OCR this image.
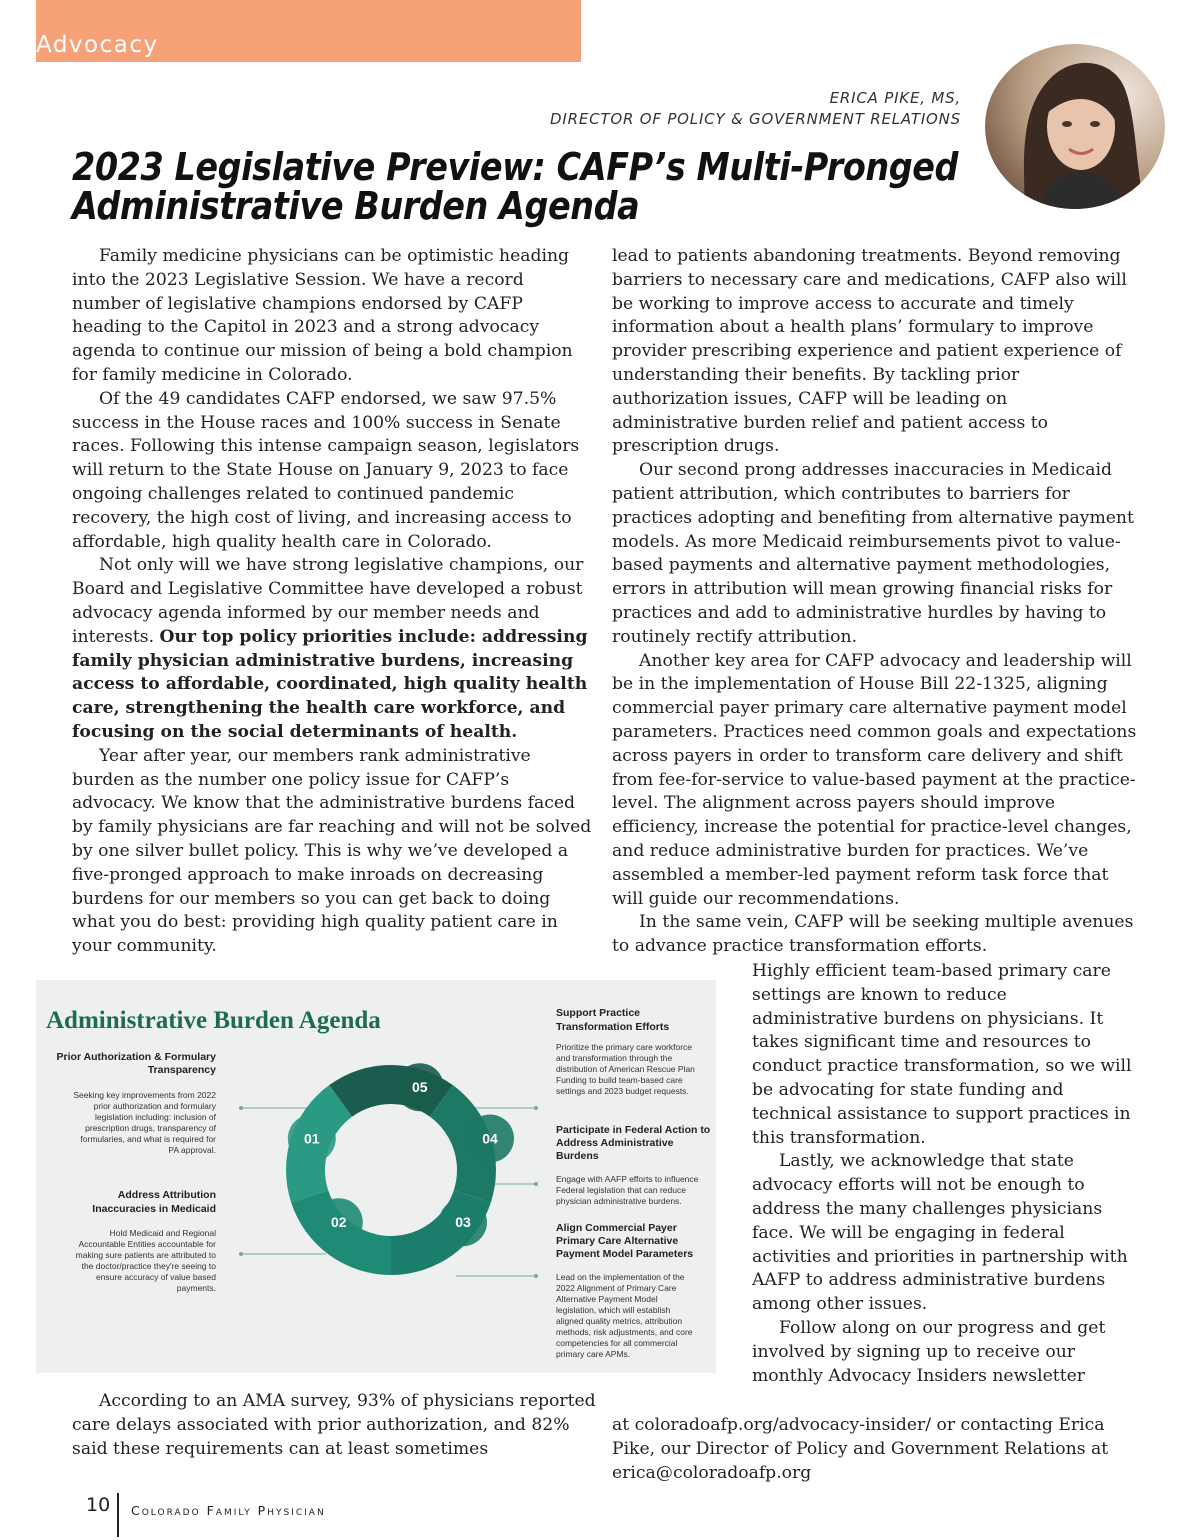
Advocacy
ERICA PIKE, MS,
DIRECTOR OF POLICY & GOVERNMENT RELATIONS
2023 Legislative Preview: CAFP’s Multi-Pronged
Administrative Burden Agenda

Family medicine physicians can be optimistic heading into the 2023 Legislative Session. We have a record number of legislative champions endorsed by CAFP heading to the Capitol in 2023 and a strong advocacy agenda to continue our mission of being a bold champion for family medicine in Colorado.

Of the 49 candidates CAFP endorsed, we saw 97.5% success in the House races and 100% success in Senate races. Following this intense campaign season, legislators will return to the State House on January 9, 2023 to face ongoing challenges related to continued pandemic recovery, the high cost of living, and increasing access to affordable, high quality health care in Colorado.

Not only will we have strong legislative champions, our Board and Legislative Committee have developed a robust advocacy agenda informed by our member needs and interests. Our top policy priorities include: addressing family physician administrative burdens, increasing access to affordable, coordinated, high quality health care, strengthening the health care workforce, and focusing on the social determinants of health.

Year after year, our members rank administrative burden as the number one policy issue for CAFP’s advocacy. We know that the administrative burdens faced by family physicians are far reaching and will not be solved by one silver bullet policy. This is why we’ve developed a five-pronged approach to make inroads on decreasing burdens for our members so you can get back to doing what you do best: providing high quality patient care in your community.

lead to patients abandoning treatments. Beyond removing barriers to necessary care and medications, CAFP also will be working to improve access to accurate and timely information about a health plans’ formulary to improve provider prescribing experience and patient experience of understanding their benefits. By tackling prior authorization issues, CAFP will be leading on administrative burden relief and patient access to prescription drugs.

Our second prong addresses inaccuracies in Medicaid patient attribution, which contributes to barriers for practices adopting and benefiting from alternative payment models. As more Medicaid reimbursements pivot to value-based payments and alternative payment methodologies, errors in attribution will mean growing financial risks for practices and add to administrative hurdles by having to routinely rectify attribution.

Another key area for CAFP advocacy and leadership will be in the implementation of House Bill 22-1325, aligning commercial payer primary care alternative payment model parameters. Practices need common goals and expectations across payers in order to transform care delivery and shift from fee-for-service to value-based payment at the practice-level. The alignment across payers should improve efficiency, increase the potential for practice-level changes, and reduce administrative burden for practices. We’ve assembled a member-led payment reform task force that will guide our recommendations.

In the same vein, CAFP will be seeking multiple avenues to advance practice transformation efforts.

Highly efficient team-based primary care settings are known to reduce administrative burdens on physicians. It takes significant time and resources to conduct practice transformation, so we will be advocating for state funding and technical assistance to support practices in this transformation.

Lastly, we acknowledge that state advocacy efforts will not be enough to address the many challenges physicians face. We will be engaging in federal activities and priorities in partnership with AAFP to address administrative burdens among other issues.

Follow along on our progress and get involved by signing up to receive our monthly Advocacy Insiders newsletter

at coloradoafp.org/advocacy-insider/ or contacting Erica Pike, our Director of Policy and Government Relations at erica@coloradoafp.org

According to an AMA survey, 93% of physicians reported care delays associated with prior authorization, and 82% said these requirements can at least sometimes

Administrative Burden Agenda
Prior Authorization & Formulary Transparency
Seeking key improvements from 2022 prior authorization and formulary legislation including: inclusion of prescription drugs, transparency of formularies, and what is required for PA approval.
Address Attribution Inaccuracies in Medicaid
Hold Medicaid and Regional Accountable Entities accountable for making sure patients are attributed to the doctor/practice they're seeing to ensure accuracy of value based payments.
01
02	03
04
05
Support Practice Transformation Efforts
Prioritize the primary care workforce and transformation through the distribution of American Rescue Plan Funding to build team-based care settings and 2023 budget requests.
Participate in Federal Action to Address Administrative Burdens
Engage with AAFP efforts to influence Federal legislation that can reduce physician administrative burdens.
Align Commercial Payer Primary Care Alternative Payment Model Parameters
Lead on the implementation of the 2022 Alignment of Primary Care Alternative Payment Model legislation, which will establish aligned quality metrics, attribution methods, risk adjustments, and core competencies for all commercial primary care APMs.
10 Colorado Family Physician
